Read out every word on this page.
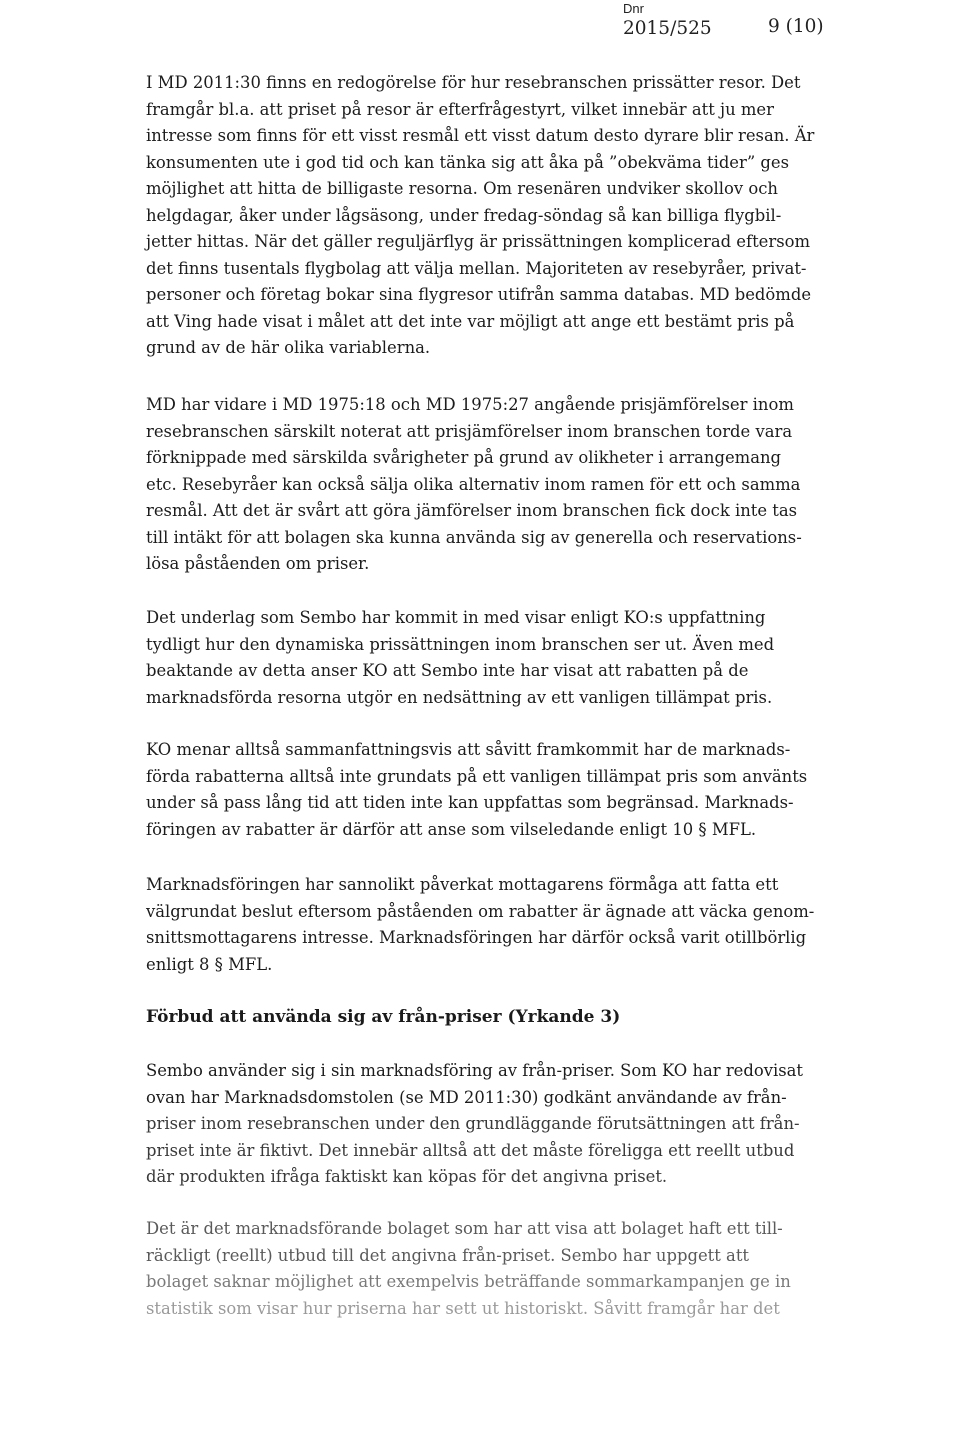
Dnr
2015/525	9 (10)
I MD 2011:30 finns en redogörelse för hur resebranschen prissätter resor. Det
framgår bl.a. att priset på resor är efterfrågestyrt, vilket innebär att ju mer
intresse som finns för ett visst resmål ett visst datum desto dyrare blir resan. Är
konsumenten ute i god tid och kan tänka sig att åka på ”obekväma tider” ges
möjlighet att hitta de billigaste resorna. Om resenären undviker skollov och
helgdagar, åker under lågsäsong, under fredag-söndag så kan billiga flygbil-
jetter hittas. När det gäller reguljärflyg är prissättningen komplicerad eftersom
det finns tusentals flygbolag att välja mellan. Majoriteten av resebyråer, privat-
personer och företag bokar sina flygresor utifrån samma databas. MD bedömde
att Ving hade visat i målet att det inte var möjligt att ange ett bestämt pris på
grund av de här olika variablerna.
MD har vidare i MD 1975:18 och MD 1975:27 angående prisjämförelser inom
resebranschen särskilt noterat att prisjämförelser inom branschen torde vara
förknippade med särskilda svårigheter på grund av olikheter i arrangemang
etc. Resebyråer kan också sälja olika alternativ inom ramen för ett och samma
resmål. Att det är svårt att göra jämförelser inom branschen fick dock inte tas
till intäkt för att bolagen ska kunna använda sig av generella och reservations-
lösa påståenden om priser.
Det underlag som Sembo har kommit in med visar enligt KO:s uppfattning
tydligt hur den dynamiska prissättningen inom branschen ser ut. Även med
beaktande av detta anser KO att Sembo inte har visat att rabatten på de
marknadsförda resorna utgör en nedsättning av ett vanligen tillämpat pris.
KO menar alltså sammanfattningsvis att såvitt framkommit har de marknads-
förda rabatterna alltså inte grundats på ett vanligen tillämpat pris som använts
under så pass lång tid att tiden inte kan uppfattas som begränsad. Marknads-
föringen av rabatter är därför att anse som vilseledande enligt 10 § MFL.
Marknadsföringen har sannolikt påverkat mottagarens förmåga att fatta ett
välgrundat beslut eftersom påståenden om rabatter är ägnade att väcka genom-
snittsmottagarens intresse. Marknadsföringen har därför också varit otillbörlig
enligt 8 § MFL.
Förbud att använda sig av från-priser (Yrkande 3)
Sembo använder sig i sin marknadsföring av från-priser. Som KO har redovisat
ovan har Marknadsdomstolen (se MD 2011:30) godkänt användande av från-
priser inom resebranschen under den grundläggande förutsättningen att från-
priset inte är fiktivt. Det innebär alltså att det måste föreligga ett reellt utbud
där produkten ifråga faktiskt kan köpas för det angivna priset.
Det är det marknadsförande bolaget som har att visa att bolaget haft ett till-
räckligt (reellt) utbud till det angivna från-priset. Sembo har uppgett att
bolaget saknar möjlighet att exempelvis beträffande sommarkampanjen ge in
statistik som visar hur priserna har sett ut historiskt. Såvitt framgår har det
